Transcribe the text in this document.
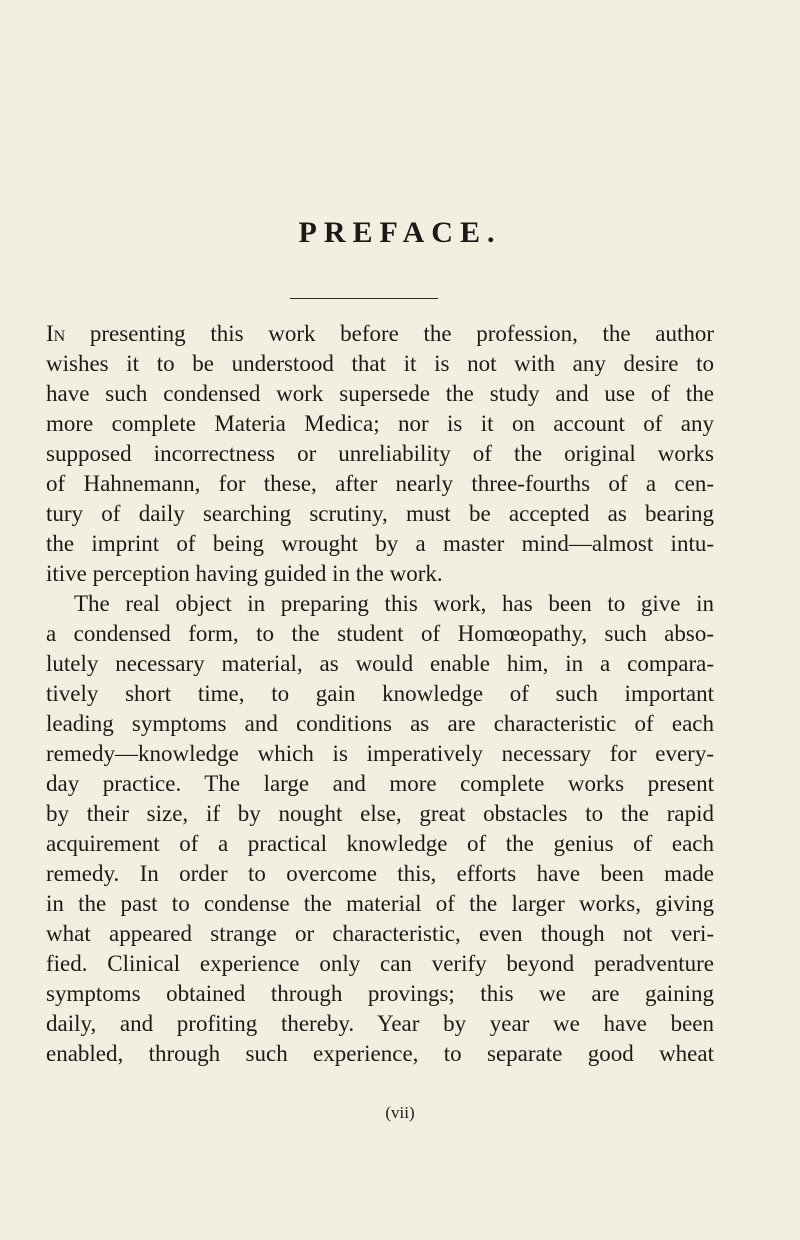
PREFACE.
In presenting this work before the profession, the author
wishes it to be understood that it is not with any desire to
have such condensed work supersede the study and use of the
more complete Materia Medica; nor is it on account of any
supposed incorrectness or unreliability of the original works
of Hahnemann, for these, after nearly three-fourths of a cen-
tury of daily searching scrutiny, must be accepted as bearing
the imprint of being wrought by a master mind—almost intu-
itive perception having guided in the work.
The real object in preparing this work, has been to give in
a condensed form, to the student of Homœopathy, such abso-
lutely necessary material, as would enable him, in a compara-
tively short time, to gain knowledge of such important
leading symptoms and conditions as are characteristic of each
remedy—knowledge which is imperatively necessary for every-
day practice. The large and more complete works present
by their size, if by nought else, great obstacles to the rapid
acquirement of a practical knowledge of the genius of each
remedy. In order to overcome this, efforts have been made
in the past to condense the material of the larger works, giving
what appeared strange or characteristic, even though not veri-
fied. Clinical experience only can verify beyond peradventure
symptoms obtained through provings; this we are gaining
daily, and profiting thereby. Year by year we have been
enabled, through such experience, to separate good wheat
(vii)
